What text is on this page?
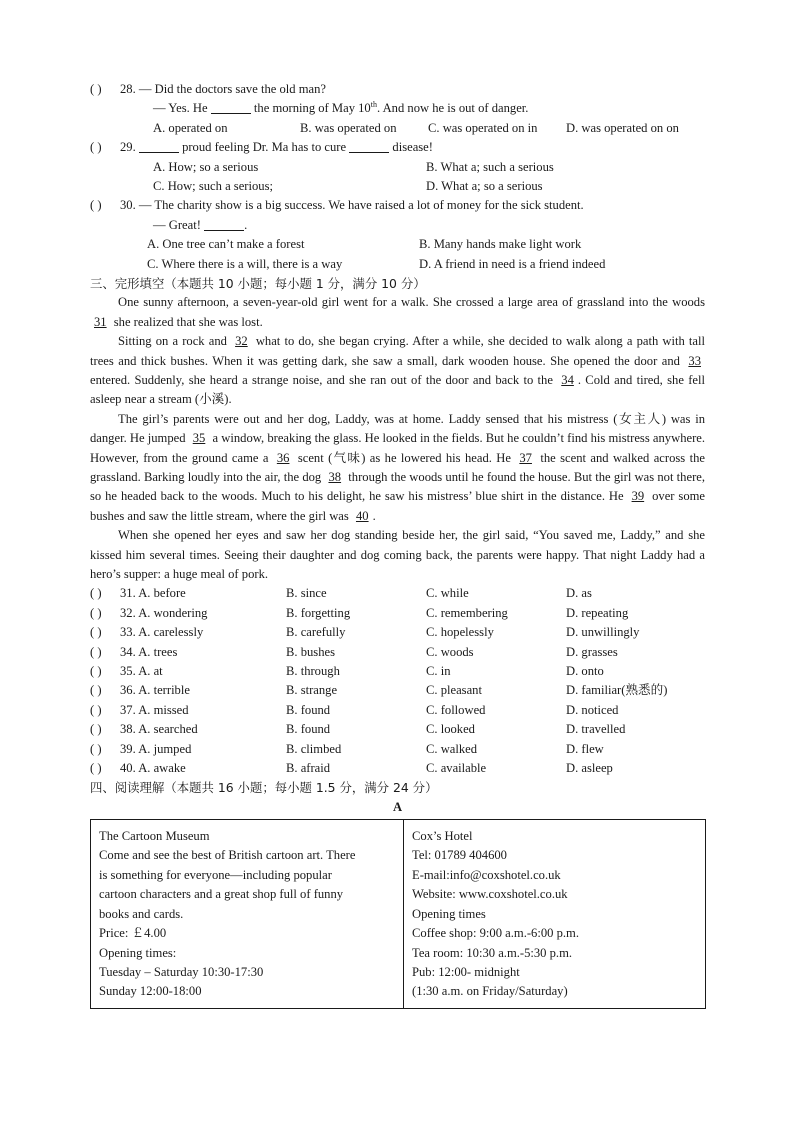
( ) 28. — Did the doctors save the old man?
— Yes. He	the morning of May 10th. And now he is out of danger.
A. operated on	B. was operated on C. was operated on in D. was operated on on
( ) 29.	proud feeling Dr. Ma has to cure	disease!
A. How; so a serious	B. What a; such a serious
C. How; such a serious;	D. What a; so a serious
( ) 30. — The charity show is a big success. We have raised a lot of money for the sick student.
— Great!	.
A. One tree can’t make a forest	B. Many hands make light work
C. Where there is a will, there is a way	D. A friend in need is a friend indeed
三、完形填空（本题共 10 小题；每小题 1 分，满分 10 分）

One sunny afternoon, a seven-year-old girl went for a walk. She crossed a large area of grassland into the woods 31 she realized that she was lost.

Sitting on a rock and 32 what to do, she began crying. After a while, she decided to walk along a path with tall trees and thick bushes. When it was getting dark, she saw a small, dark wooden house. She opened the door and 33 entered. Suddenly, she heard a strange noise, and she ran out of the door and back to the 34 . Cold and tired, she fell asleep near a stream (小溪).

The girl’s parents were out and her dog, Laddy, was at home. Laddy sensed that his mistress (女主人) was in danger. He jumped 35 a window, breaking the glass. He looked in the fields. But he couldn’t find his mistress anywhere. However, from the ground came a 36 scent (气味) as he lowered his head. He 37 the scent and walked across the grassland. Barking loudly into the air, the dog 38 through the woods until he found the house. But the girl was not there, so he headed back to the woods. Much to his delight, he saw his mistress’ blue shirt in the distance. He 39 over some bushes and saw the little stream, where the girl was 40 .

When she opened her eyes and saw her dog standing beside her, the girl said, “You saved me, Laddy,” and she kissed him several times. Seeing their daughter and dog coming back, the parents were happy. That night Laddy had a hero’s supper: a huge meal of pork.

( ) 31. A. before	B. since	C. while	D. as
( ) 32. A. wondering	B. forgetting	C. remembering	D. repeating
( ) 33. A. carelessly	B. carefully	C. hopelessly	D. unwillingly
( ) 34. A. trees	B. bushes	C. woods	D. grasses
( ) 35. A. at	B. through	C. in	D. onto
( ) 36. A. terrible	B. strange	C. pleasant	D. familiar(熟悉的)
( ) 37. A. missed	B. found	C. followed	D. noticed
( ) 38. A. searched	B. found	C. looked	D. travelled
( ) 39. A. jumped	B. climbed	C. walked	D. flew
( ) 40. A. awake	B. afraid	C. available	D. asleep
四、阅读理解（本题共 16 小题；每小题 1.5 分，满分 24 分）
A
The Cartoon Museum
Come and see the best of British cartoon art. There
is something for everyone—including popular
cartoon characters and a great shop full of funny
books and cards.
Price: ￡4.00
Opening times:
Tuesday – Saturday 10:30-17:30
Sunday 12:00-18:00

Cox’s Hotel
Tel: 01789 404600
E-mail:info@coxshotel.co.uk
Website: www.coxshotel.co.uk
Opening times
Coffee shop: 9:00 a.m.-6:00 p.m.
Tea room: 10:30 a.m.-5:30 p.m.
Pub: 12:00- midnight
(1:30 a.m. on Friday/Saturday)
